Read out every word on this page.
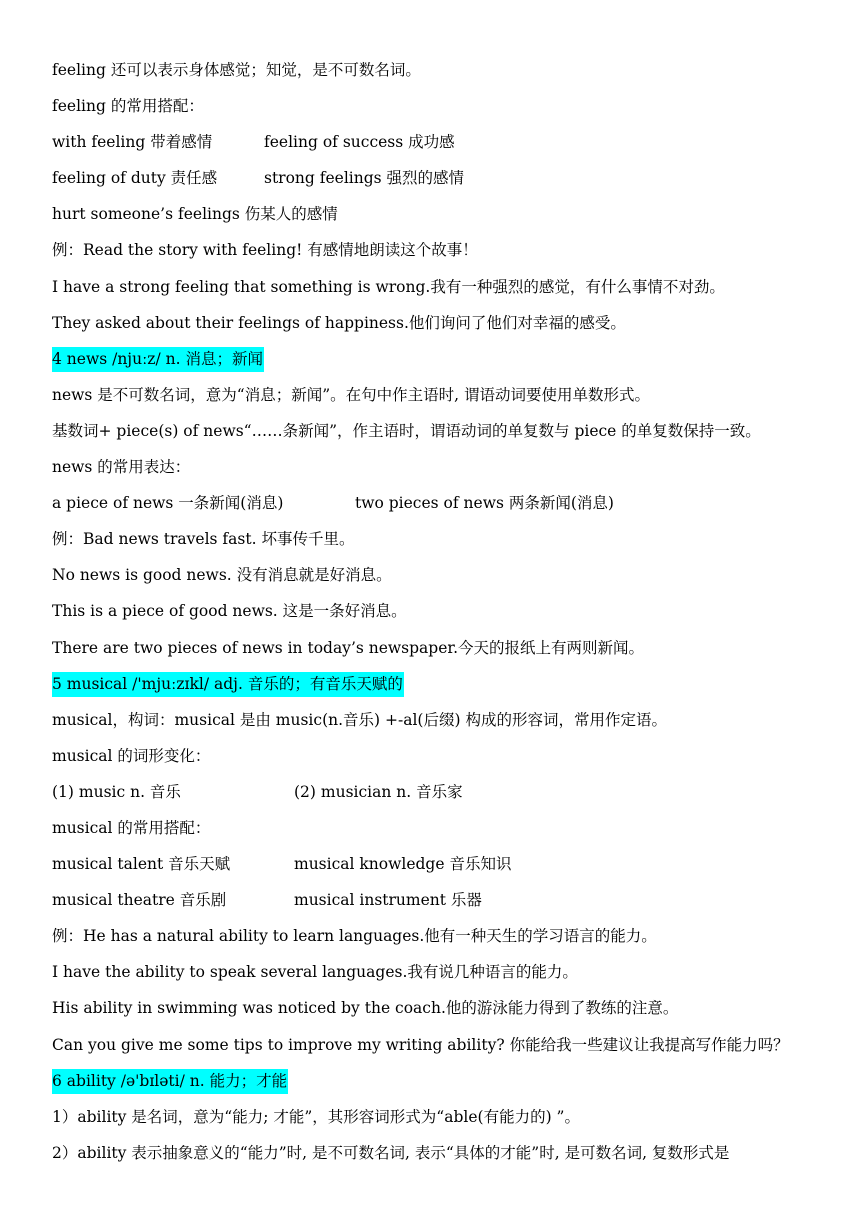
feeling 还可以表示身体感觉；知觉，是不可数名词。
feeling 的常用搭配：
with feeling 带着感情	feeling of success 成功感
feeling of duty 责任感	strong feelings 强烈的感情
hurt someone’s feelings 伤某人的感情
例：Read the story with feeling! 有感情地朗读这个故事！
I have a strong feeling that something is wrong.我有一种强烈的感觉，有什么事情不对劲。
They asked about their feelings of happiness.他们询问了他们对幸福的感受。
4 news /njuːz/ n. 消息；新闻
news 是不可数名词，意为“消息；新闻”。在句中作主语时, 谓语动词要使用单数形式。
基数词+ piece(s) of news“……条新闻”，作主语时，谓语动词的单复数与 piece 的单复数保持一致。
news 的常用表达：
a piece of news 一条新闻(消息)	two pieces of news 两条新闻(消息)
例：Bad news travels fast. 坏事传千里。
No news is good news. 没有消息就是好消息。
This is a piece of good news. 这是一条好消息。
There are two pieces of news in today’s newspaper.今天的报纸上有两则新闻。
5 musical /'mjuːzɪkl/ adj. 音乐的；有音乐天赋的
musical，构词：musical 是由 music(n.音乐) +-al(后缀) 构成的形容词，常用作定语。
musical 的词形变化：
(1) music n. 音乐	(2) musician n. 音乐家
musical 的常用搭配：
musical talent 音乐天赋	musical knowledge 音乐知识
musical theatre 音乐剧	musical instrument 乐器
例：He has a natural ability to learn languages.他有一种天生的学习语言的能力。
I have the ability to speak several languages.我有说几种语言的能力。
His ability in swimming was noticed by the coach.他的游泳能力得到了教练的注意。
Can you give me some tips to improve my writing ability? 你能给我一些建议让我提高写作能力吗？
6 ability /ə'bɪləti/ n. 能力；才能
1）ability 是名词，意为“能力; 才能”，其形容词形式为“able(有能力的) ”。
2）ability 表示抽象意义的“能力”时, 是不可数名词, 表示“具体的才能”时, 是可数名词, 复数形式是
